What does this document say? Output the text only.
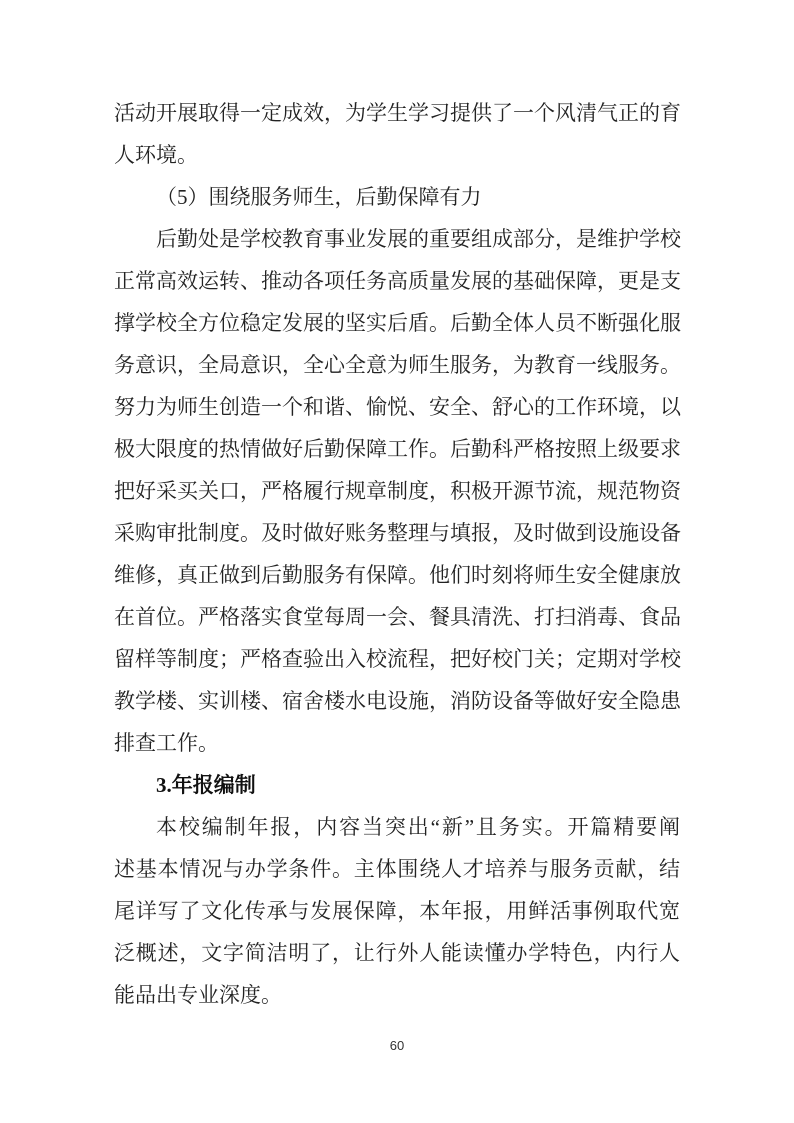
活动开展取得一定成效，为学生学习提供了一个风清气正的育
人环境。
（5）围绕服务师生，后勤保障有力
后勤处是学校教育事业发展的重要组成部分，是维护学校
正常高效运转、推动各项任务高质量发展的基础保障，更是支
撑学校全方位稳定发展的坚实后盾。后勤全体人员不断强化服
务意识，全局意识，全心全意为师生服务，为教育一线服务。
努力为师生创造一个和谐、愉悦、安全、舒心的工作环境，以
极大限度的热情做好后勤保障工作。后勤科严格按照上级要求
把好采买关口，严格履行规章制度，积极开源节流，规范物资
采购审批制度。及时做好账务整理与填报，及时做到设施设备
维修，真正做到后勤服务有保障。他们时刻将师生安全健康放
在首位。严格落实食堂每周一会、餐具清洗、打扫消毒、食品
留样等制度；严格查验出入校流程，把好校门关；定期对学校
教学楼、实训楼、宿舍楼水电设施，消防设备等做好安全隐患
排查工作。
3.年报编制
本校编制年报，内容当突出“新”且务实。开篇精要阐
述基本情况与办学条件。主体围绕人才培养与服务贡献，结
尾详写了文化传承与发展保障，本年报，用鲜活事例取代宽
泛概述，文字简洁明了，让行外人能读懂办学特色，内行人
能品出专业深度。
60
